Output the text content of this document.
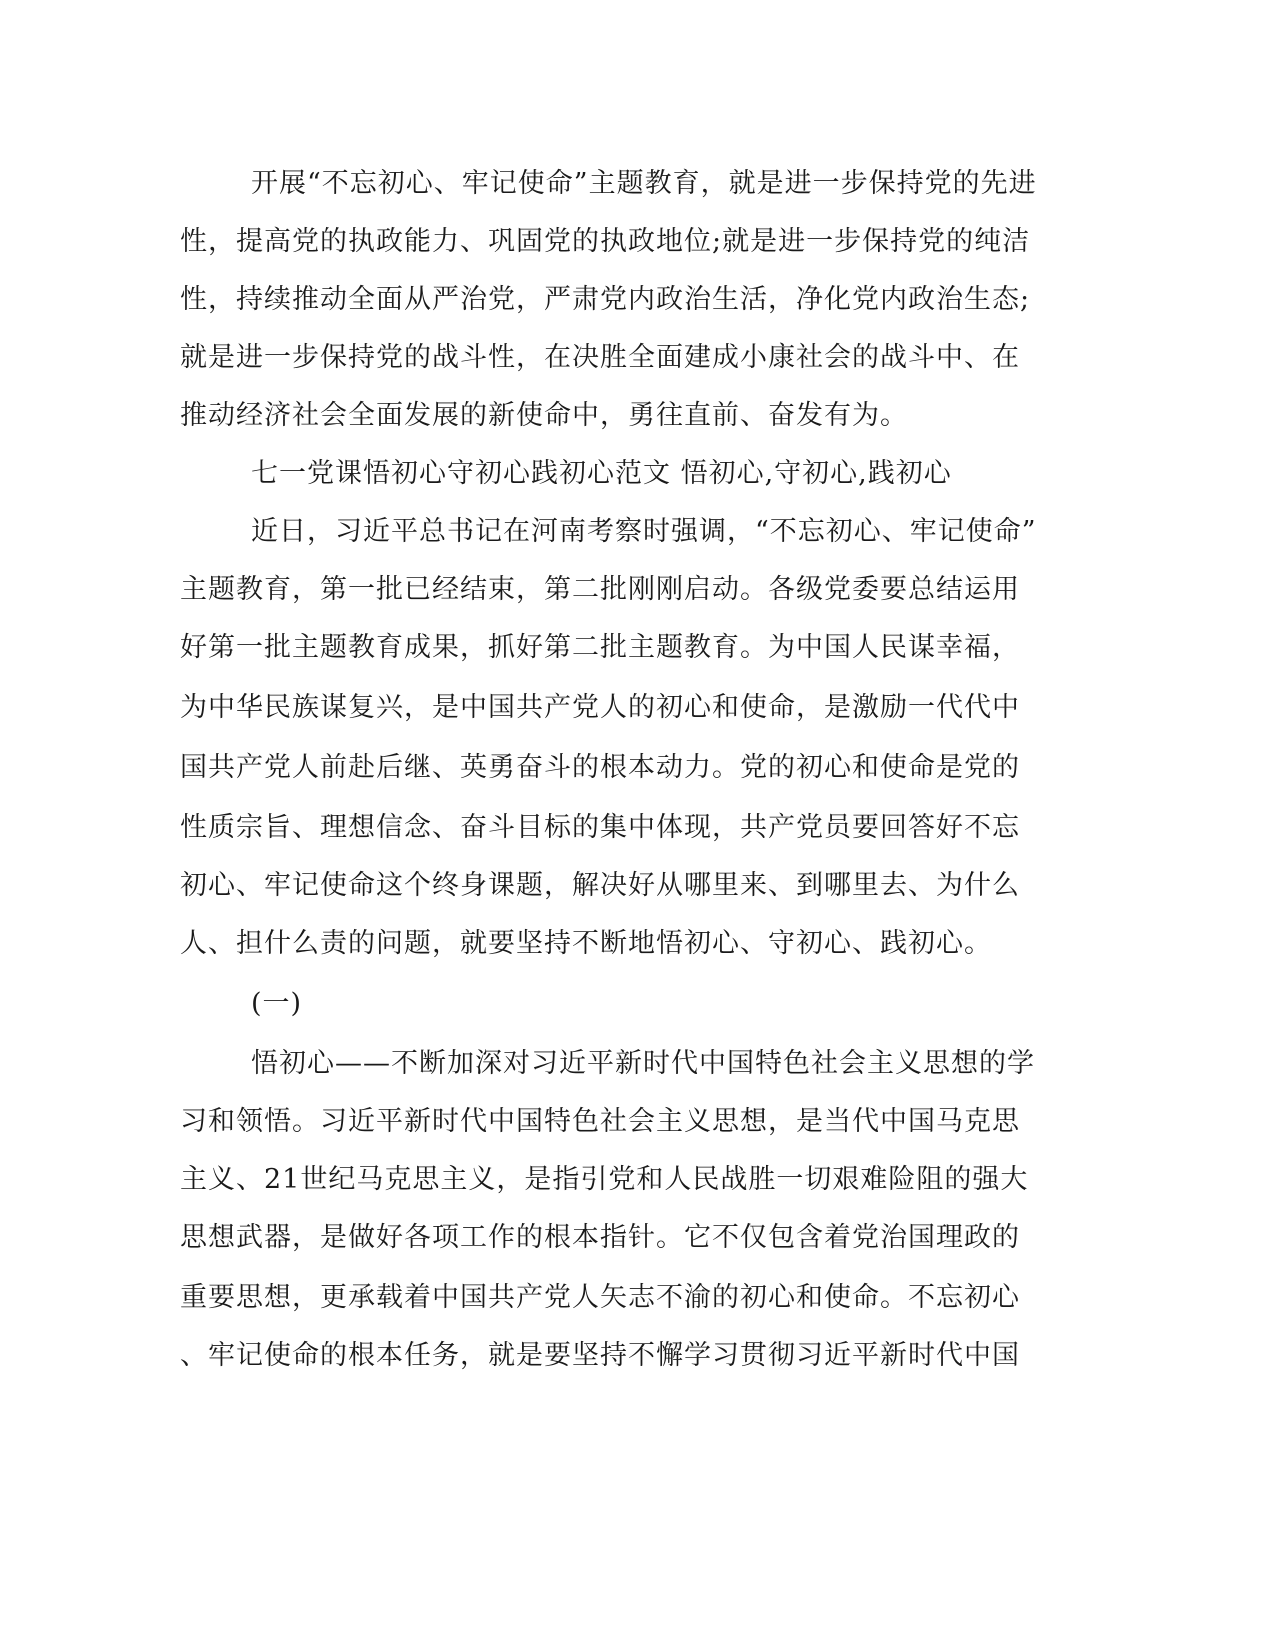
开展“不忘初心、牢记使命”主题教育，就是进一步保持党的先进
性，提高党的执政能力、巩固党的执政地位;就是进一步保持党的纯洁
性，持续推动全面从严治党，严肃党内政治生活，净化党内政治生态;
就是进一步保持党的战斗性，在决胜全面建成小康社会的战斗中、在
推动经济社会全面发展的新使命中，勇往直前、奋发有为。
七一党课悟初心守初心践初心范文 悟初心,守初心,践初心
近日，习近平总书记在河南考察时强调，“不忘初心、牢记使命”
主题教育，第一批已经结束，第二批刚刚启动。各级党委要总结运用
好第一批主题教育成果，抓好第二批主题教育。为中国人民谋幸福，
为中华民族谋复兴，是中国共产党人的初心和使命，是激励一代代中
国共产党人前赴后继、英勇奋斗的根本动力。党的初心和使命是党的
性质宗旨、理想信念、奋斗目标的集中体现，共产党员要回答好不忘
初心、牢记使命这个终身课题，解决好从哪里来、到哪里去、为什么
人、担什么责的问题，就要坚持不断地悟初心、守初心、践初心。
(一)
悟初心——不断加深对习近平新时代中国特色社会主义思想的学
习和领悟。习近平新时代中国特色社会主义思想，是当代中国马克思
主义、21世纪马克思主义，是指引党和人民战胜一切艰难险阻的强大
思想武器，是做好各项工作的根本指针。它不仅包含着党治国理政的
重要思想，更承载着中国共产党人矢志不渝的初心和使命。不忘初心
、牢记使命的根本任务，就是要坚持不懈学习贯彻习近平新时代中国
